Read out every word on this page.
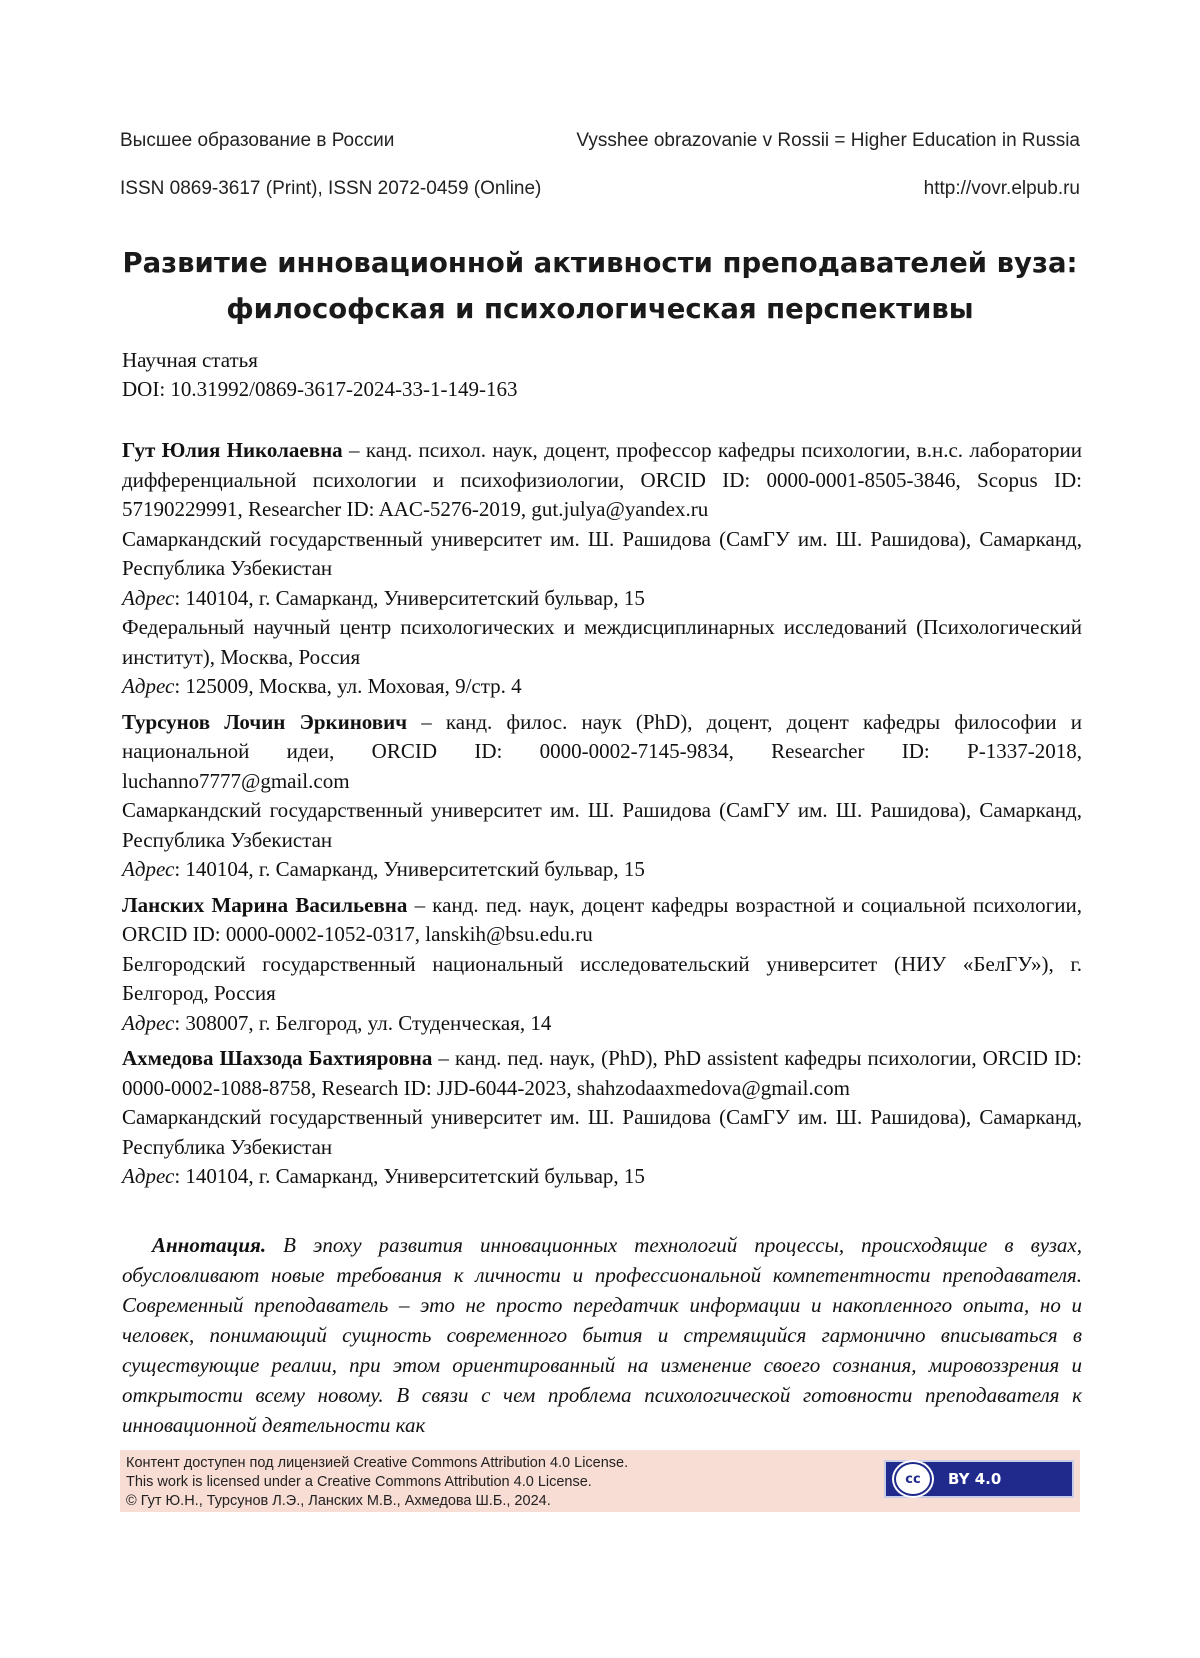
Высшее образование в России	Vysshee obrazovanie v Rossii = Higher Education in Russia
ISSN 0869-3617 (Print), ISSN 2072-0459 (Online)	http://vovr.elpub.ru
Развитие инновационной активности преподавателей вуза:
философская и психологическая перспективы
Научная статья
DOI: 10.31992/0869-3617-2024-33-1-149-163

Гут Юлия Николаевна – канд. психол. наук, доцент, профессор кафедры психологии, в.н.с. лаборатории дифференциальной психологии и психофизиологии, ORCID ID: 0000-0001-8505-3846, Scopus ID: 57190229991, Researcher ID: AAC-5276-2019, gut.julya@yandex.ru

Самаркандский государственный университет им. Ш. Рашидова (СамГУ им. Ш. Рашидова), Самарканд, Республика Узбекистан

Адрес: 140104, г. Самарканд, Университетский бульвар, 15

Федеральный научный центр психологических и междисциплинарных исследований (Психологический институт), Москва, Россия

Адрес: 125009, Москва, ул. Моховая, 9/стр. 4

Турсунов Лочин Эркинович – канд. филос. наук (PhD), доцент, доцент кафедры философии и национальной идеи, ORCID ID: 0000-0002-7145-9834, Researcher ID: P-1337-2018, luchanno7777@gmail.com

Самаркандский государственный университет им. Ш. Рашидова (СамГУ им. Ш. Рашидова), Самарканд, Республика Узбекистан

Адрес: 140104, г. Самарканд, Университетский бульвар, 15

Ланских Марина Васильевна – канд. пед. наук, доцент кафедры возрастной и социальной психологии, ORCID ID: 0000-0002-1052-0317, lanskih@bsu.edu.ru

Белгородский государственный национальный исследовательский университет (НИУ «БелГУ»), г. Белгород, Россия

Адрес: 308007, г. Белгород, ул. Студенческая, 14

Ахмедова Шахзода Бахтияровна – канд. пед. наук, (PhD), PhD assistent кафедры психологии, ORCID ID: 0000-0002-1088-8758, Research ID: JJD-6044-2023, shahzodaaxmedova@gmail.com

Самаркандский государственный университет им. Ш. Рашидова (СамГУ им. Ш. Рашидова), Самарканд, Республика Узбекистан

Адрес: 140104, г. Самарканд, Университетский бульвар, 15

Аннотация. В эпоху развития инновационных технологий процессы, происходящие в вузах, обусловливают новые требования к личности и профессиональной компетентности преподавателя. Современный преподаватель – это не просто передатчик информации и накопленного опыта, но и человек, понимающий сущность современного бытия и стремящийся гармонично вписываться в существующие реалии, при этом ориентированный на изменение своего сознания, мировоззрения и открытости всему новому. В связи с чем проблема психологической готовности преподавателя к инновационной деятельности как
Контент доступен под лицензией Creative Commons Attribution 4.0 License.
This work is licensed under a Creative Commons Attribution 4.0 License.
© Гут Ю.Н., Турсунов Л.Э., Ланских М.В., Ахмедова Ш.Б., 2024.
cc	BY 4.0
